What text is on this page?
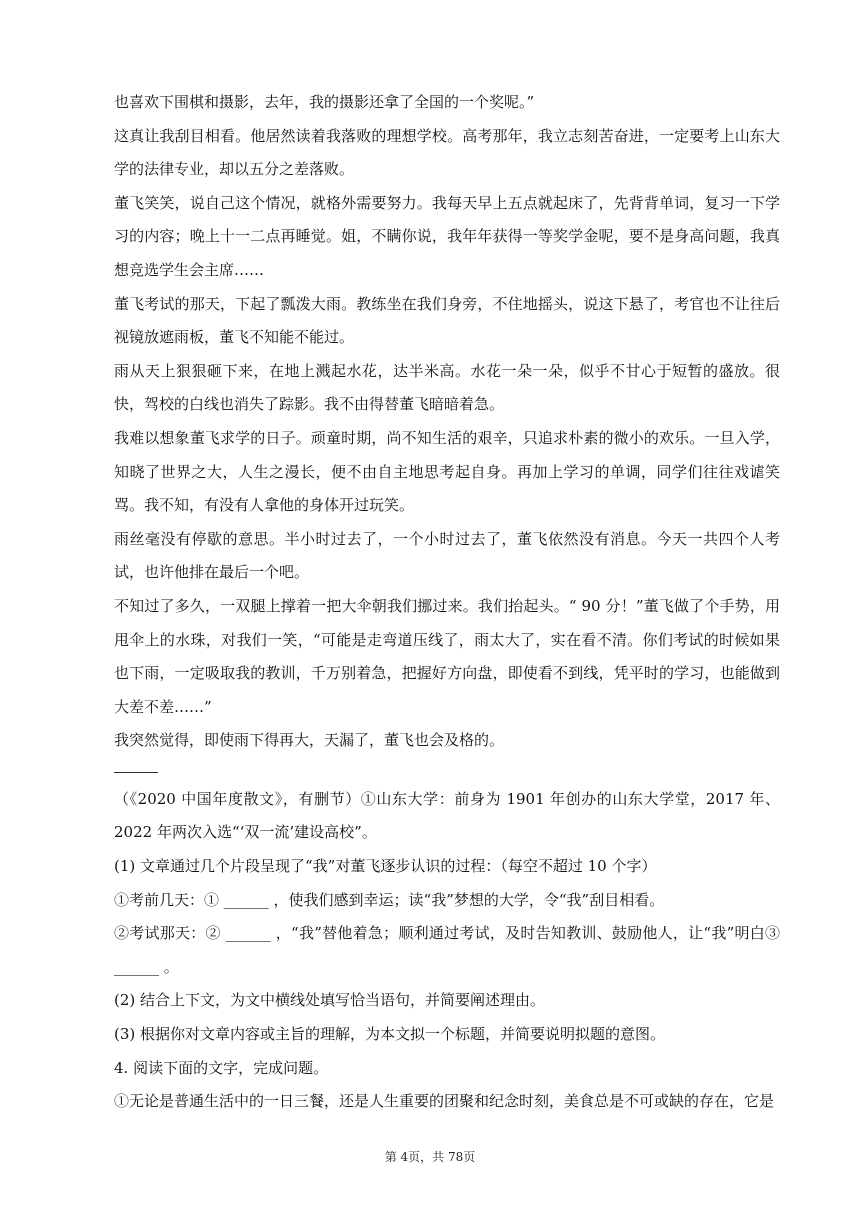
也喜欢下围棋和摄影，去年，我的摄影还拿了全国的一个奖呢。”

这真让我刮目相看。他居然读着我落败的理想学校。高考那年，我立志刻苦奋进，一定要考上山东大学的法律专业，却以五分之差落败。

董飞笑笑，说自己这个情况，就格外需要努力。我每天早上五点就起床了，先背背单词，复习一下学习的内容；晚上十一二点再睡觉。姐，不瞒你说，我年年获得一等奖学金呢，要不是身高问题，我真想竞选学生会主席……

董飞考试的那天，下起了瓢泼大雨。教练坐在我们身旁，不住地摇头，说这下悬了，考官也不让往后视镜放遮雨板，董飞不知能不能过。

雨从天上狠狠砸下来，在地上溅起水花，达半米高。水花一朵一朵，似乎不甘心于短暂的盛放。很快，驾校的白线也消失了踪影。我不由得替董飞暗暗着急。

我难以想象董飞求学的日子。顽童时期，尚不知生活的艰辛，只追求朴素的微小的欢乐。一旦入学，知晓了世界之大，人生之漫长，便不由自主地思考起自身。再加上学习的单调，同学们往往戏谑笑骂。我不知，有没有人拿他的身体开过玩笑。

雨丝毫没有停歇的意思。半小时过去了，一个小时过去了，董飞依然没有消息。今天一共四个人考试，也许他排在最后一个吧。

不知过了多久，一双腿上撑着一把大伞朝我们挪过来。我们抬起头。“ 90 分！”董飞做了个手势，用甩伞上的水珠，对我们一笑，“可能是走弯道压线了，雨太大了，实在看不清。你们考试的时候如果也下雨，一定吸取我的教训，千万别着急，把握好方向盘，即使看不到线，凭平时的学习，也能做到大差不差……”

我突然觉得，即使雨下得再大，天漏了，董飞也会及格的。

（《2020 中国年度散文》，有删节）①山东大学：前身为 1901 年创办的山东大学堂，2017 年、2022 年两次入选“‘双一流’建设高校”。

(1) 文章通过几个片段呈现了“我”对董飞逐步认识的过程：（每空不超过 10 个字）

①考前几天：① ______ ，使我们感到幸运；读“我”梦想的大学，令“我”刮目相看。

②考试那天：② ______ ，“我”替他着急；顺利通过考试，及时告知教训、鼓励他人，让“我”明白③ ______ 。

(2) 结合上下文，为文中横线处填写恰当语句，并简要阐述理由。

(3) 根据你对文章内容或主旨的理解，为本文拟一个标题，并简要说明拟题的意图。

4. 阅读下面的文字，完成问题。

①无论是普通生活中的一日三餐，还是人生重要的团聚和纪念时刻，美食总是不可或缺的存在，它是

第 4页，共 78页
